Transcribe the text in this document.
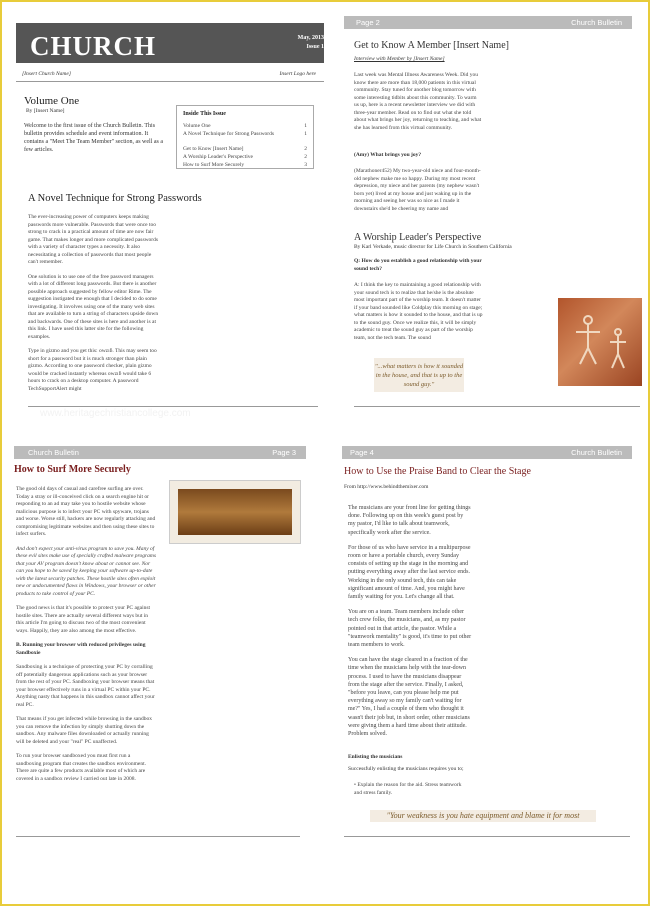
CHURCH	May, 2013
Issue 1
[Insert Church Name]	Insert Logo here
Volume One
By [Insert Name]
Welcome to the first issue of the Church Bulletin. This bulletin provides schedule and event information. It contains a "Meet The Team Member" section, as well as a few articles.
Inside This Issue
Volume One	1
A Novel Technique for Strong Passwords	1
Get to Know [Insert Name]	2
A Worship Leader's Perspective	2
How to Surf More Securely	3
A Novel Technique for Strong Passwords

The ever-increasing power of computers keeps making passwords more vulnerable. Passwords that were once too strong to crack in a practical amount of time are now fair game. That makes longer and more complicated passwords with a variety of character types a necessity. It also necessitating a collection of passwords that most people can't remember.

One solution is to use one of the free password managers with a lot of different long passwords. But there is another possible approach suggested by fellow editor Rime. The suggestion instigated me enough that I decided to do some investigating. It involves using one of the many web sites that are available to turn a string of characters upside down and backwards. One of these sites is here and another is at this link. I have used this latter site for the following examples.

Type in gizmo and you get this: owzıƃ. This may seem too short for a password but it is much stronger than plain gizmo. According to one password checker, plain gizmo would be cracked instantly whereas owzıƃ would take 6 hours to crack on a desktop computer. A password TechSupportAlert might

Page 2	Church Bulletin
Get to Know A Member [Insert Name]
Interview with Member by [Insert Name]

Last week was Mental Illness Awareness Week. Did you know there are more than 18,000 patients in this virtual community. Stay tuned for another blog tomorrow with some interesting tidbits about this community. To warm us up, here is a recent newsletter interview we did with three-year member. Read on to find out what she told about what brings her joy, returning to teaching, and what she has learned from this virtual community.

(Amy) What brings you joy?

(Marathoner452) My two-year-old niece and four-month-old nephew make me so happy. During my most recent depression, my niece and her parents (my nephew wasn't born yet) lived at my house and just waking up in the morning and seeing her was so nice as I made it downstairs she'd be cheering my name and

A Worship Leader's Perspective
By Karl Verkade, music director for Life Church in Southern California

Q: How do you establish a good relationship with your sound tech?

A: I think the key to maintaining a good relationship with your sound tech is to realize that he/she is the absolute most important part of the worship team. It doesn't matter if your band sounded like Coldplay this morning on stage; what matters is how it sounded to the house, and that is up to the sound guy. Once we realize this, it will be simply academic to treat the sound guy as part of the worship team, not the tech team. The sound

"...what matters is how it sounded in the house, and that is up to the sound guy."
Church Bulletin	Page 3
How to Surf More Securely

The good old days of casual and carefree surfing are over. Today a stray or ill-conceived click on a search engine hit or responding to an ad may take you to hostile website whose malicious purpose is to infect your PC with spyware, trojans and worse. Worse still, hackers are now regularly attacking and compromising legitimate websites and then using these sites to infect surfers.

And don't expect your anti-virus program to save you. Many of these evil sites make use of specially crafted malware programs that your AV program doesn't know about or cannot see. Nor can you hope to be saved by keeping your software up-to-date with the latest security patches. These hostile sites often exploit new or undocumented flaws in Windows, your browser or other products to take control of your PC.

The good news is that it's possible to protect your PC against hostile sites. There are actually several different ways but in this article I'm going to discuss two of the most convenient ways. Happily, they are also among the most effective.

B. Running your browser with reduced privileges using Sandboxie

Sandboxing is a technique of protecting your PC by corralling off potentially dangerous applications such as your browser from the rest of your PC. Sandboxing your browser means that your browser effectively runs in a virtual PC within your PC. Anything nasty that happens in this sandbox cannot affect your real PC.

That means if you get infected while browsing in the sandbox you can remove the infection by simply shutting down the sandbox. Any malware files downloaded or actually running will be deleted and your "real" PC unaffected.

To run your browser sandboxed you must first run a sandboxing program that creates the sandbox environment. There are quite a few products available most of which are covered in a sandbox review I carried out late in 2008.

Page 4	Church Bulletin
How to Use the Praise Band to Clear the Stage
From http://www.behindthemixer.com

The musicians are your front line for getting things done. Following up on this week's guest post by my pastor, I'd like to talk about teamwork, specifically work after the service.

For those of us who have service in a multipurpose room or have a portable church, every Sunday consists of setting up the stage in the morning and putting everything away after the last service ends. Working in the only sound tech, this can take significant amount of time. And, you might have family waiting for you. Let's change all that.

You are on a team. Team members include other tech crew folks, the musicians, and, as my pastor pointed out in that article, the pastor. While a "teamwork mentality" is good, it's time to put other team members to work.

You can have the stage cleared in a fraction of the time when the musicians help with the tear-down process. I used to have the musicians disappear from the stage after the service. Finally, I asked, "before you leave, can you please help me put everything away so my family can't waiting for me?" Yes, I had a couple of them who thought it wasn't their job but, in short order, other musicians were giving them a hard time about their attitude. Problem solved.

Enlisting the musicians
Successfully enlisting the musicians requires you to;
• Explain the reason for the aid. Stress teamwork and stress family.
"Your weakness is you hate equipment and blame it for most
www.heritagechristiancollege.com
